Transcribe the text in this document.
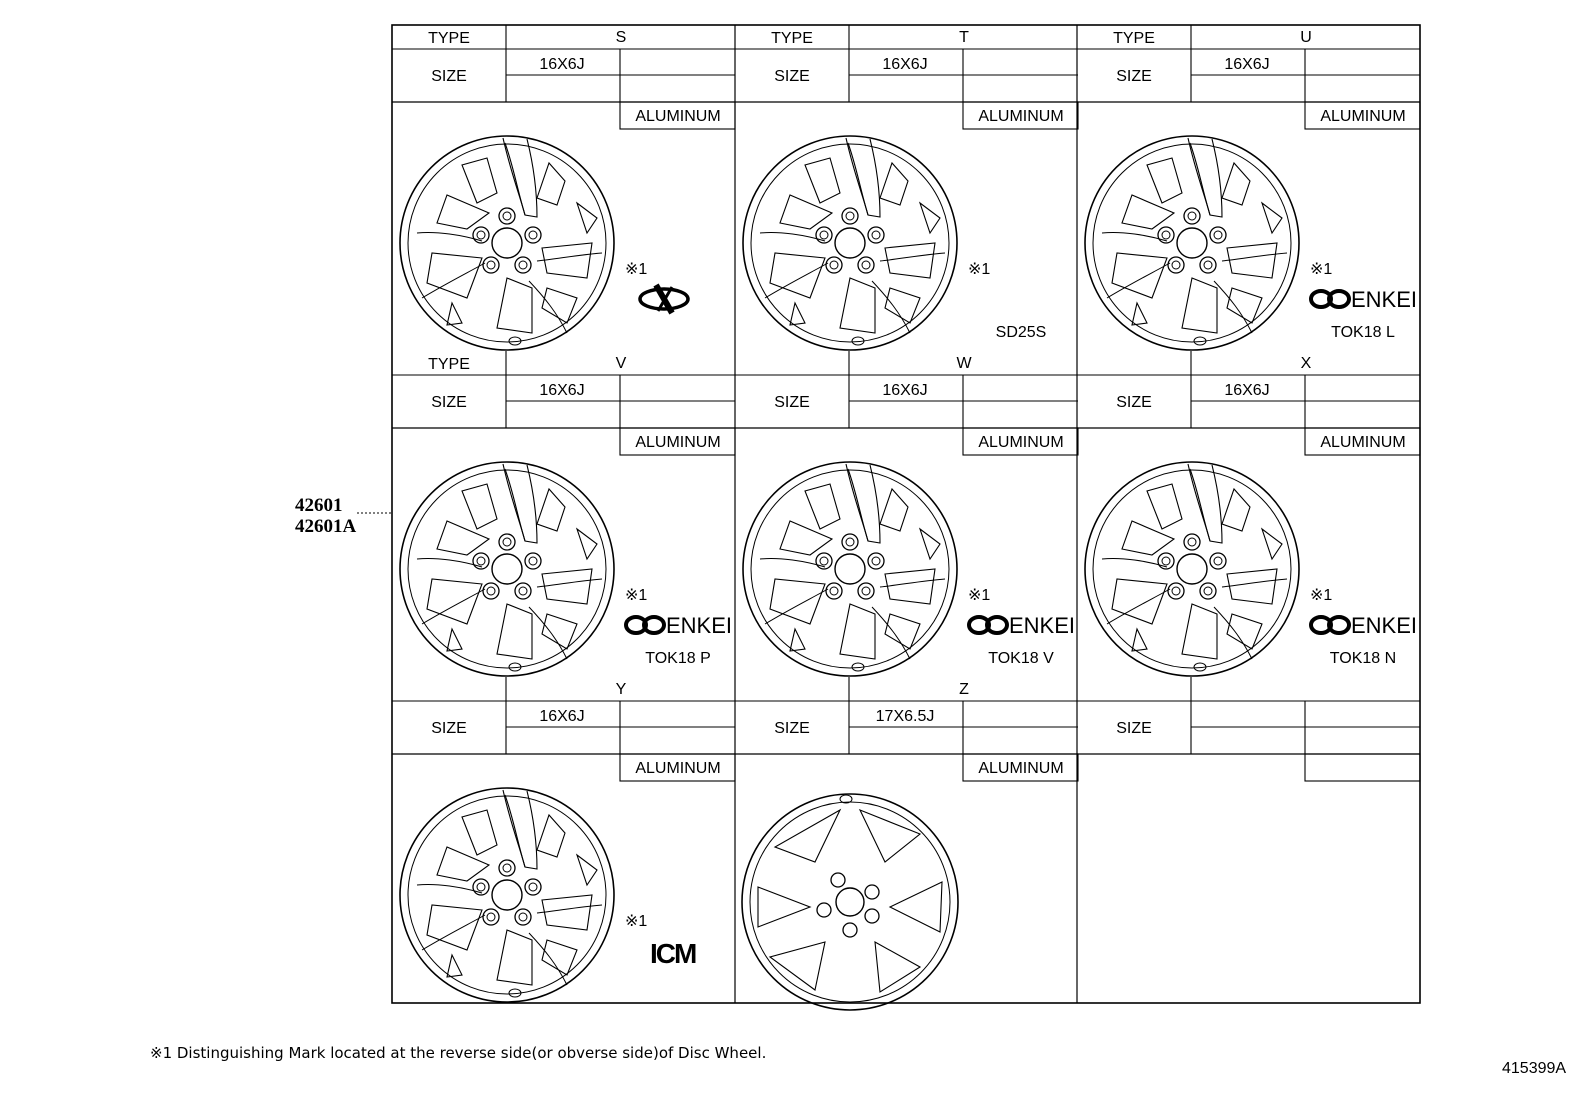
TYPE
SIZE
S
16X6J
ALUMINUM
※1
TYPE
SIZE
T
16X6J
ALUMINUM
※1
SD25S
TYPE
SIZE
U
16X6J
ALUMINUM
※1
ENKEI
TOK18 L
TYPE
SIZE
V
16X6J
ALUMINUM
※1
ENKEI
TOK18 P
SIZE
W
16X6J
ALUMINUM
※1
ENKEI
TOK18 V
SIZE
X
16X6J
ALUMINUM
※1
ENKEI
TOK18 N
SIZE
Y
16X6J
ALUMINUM
※1
ICM
SIZE
Z
17X6.5J
ALUMINUM
SIZE
42601
42601A
※1 Distinguishing Mark located at the reverse side(or obverse side)of Disc Wheel.
415399A
